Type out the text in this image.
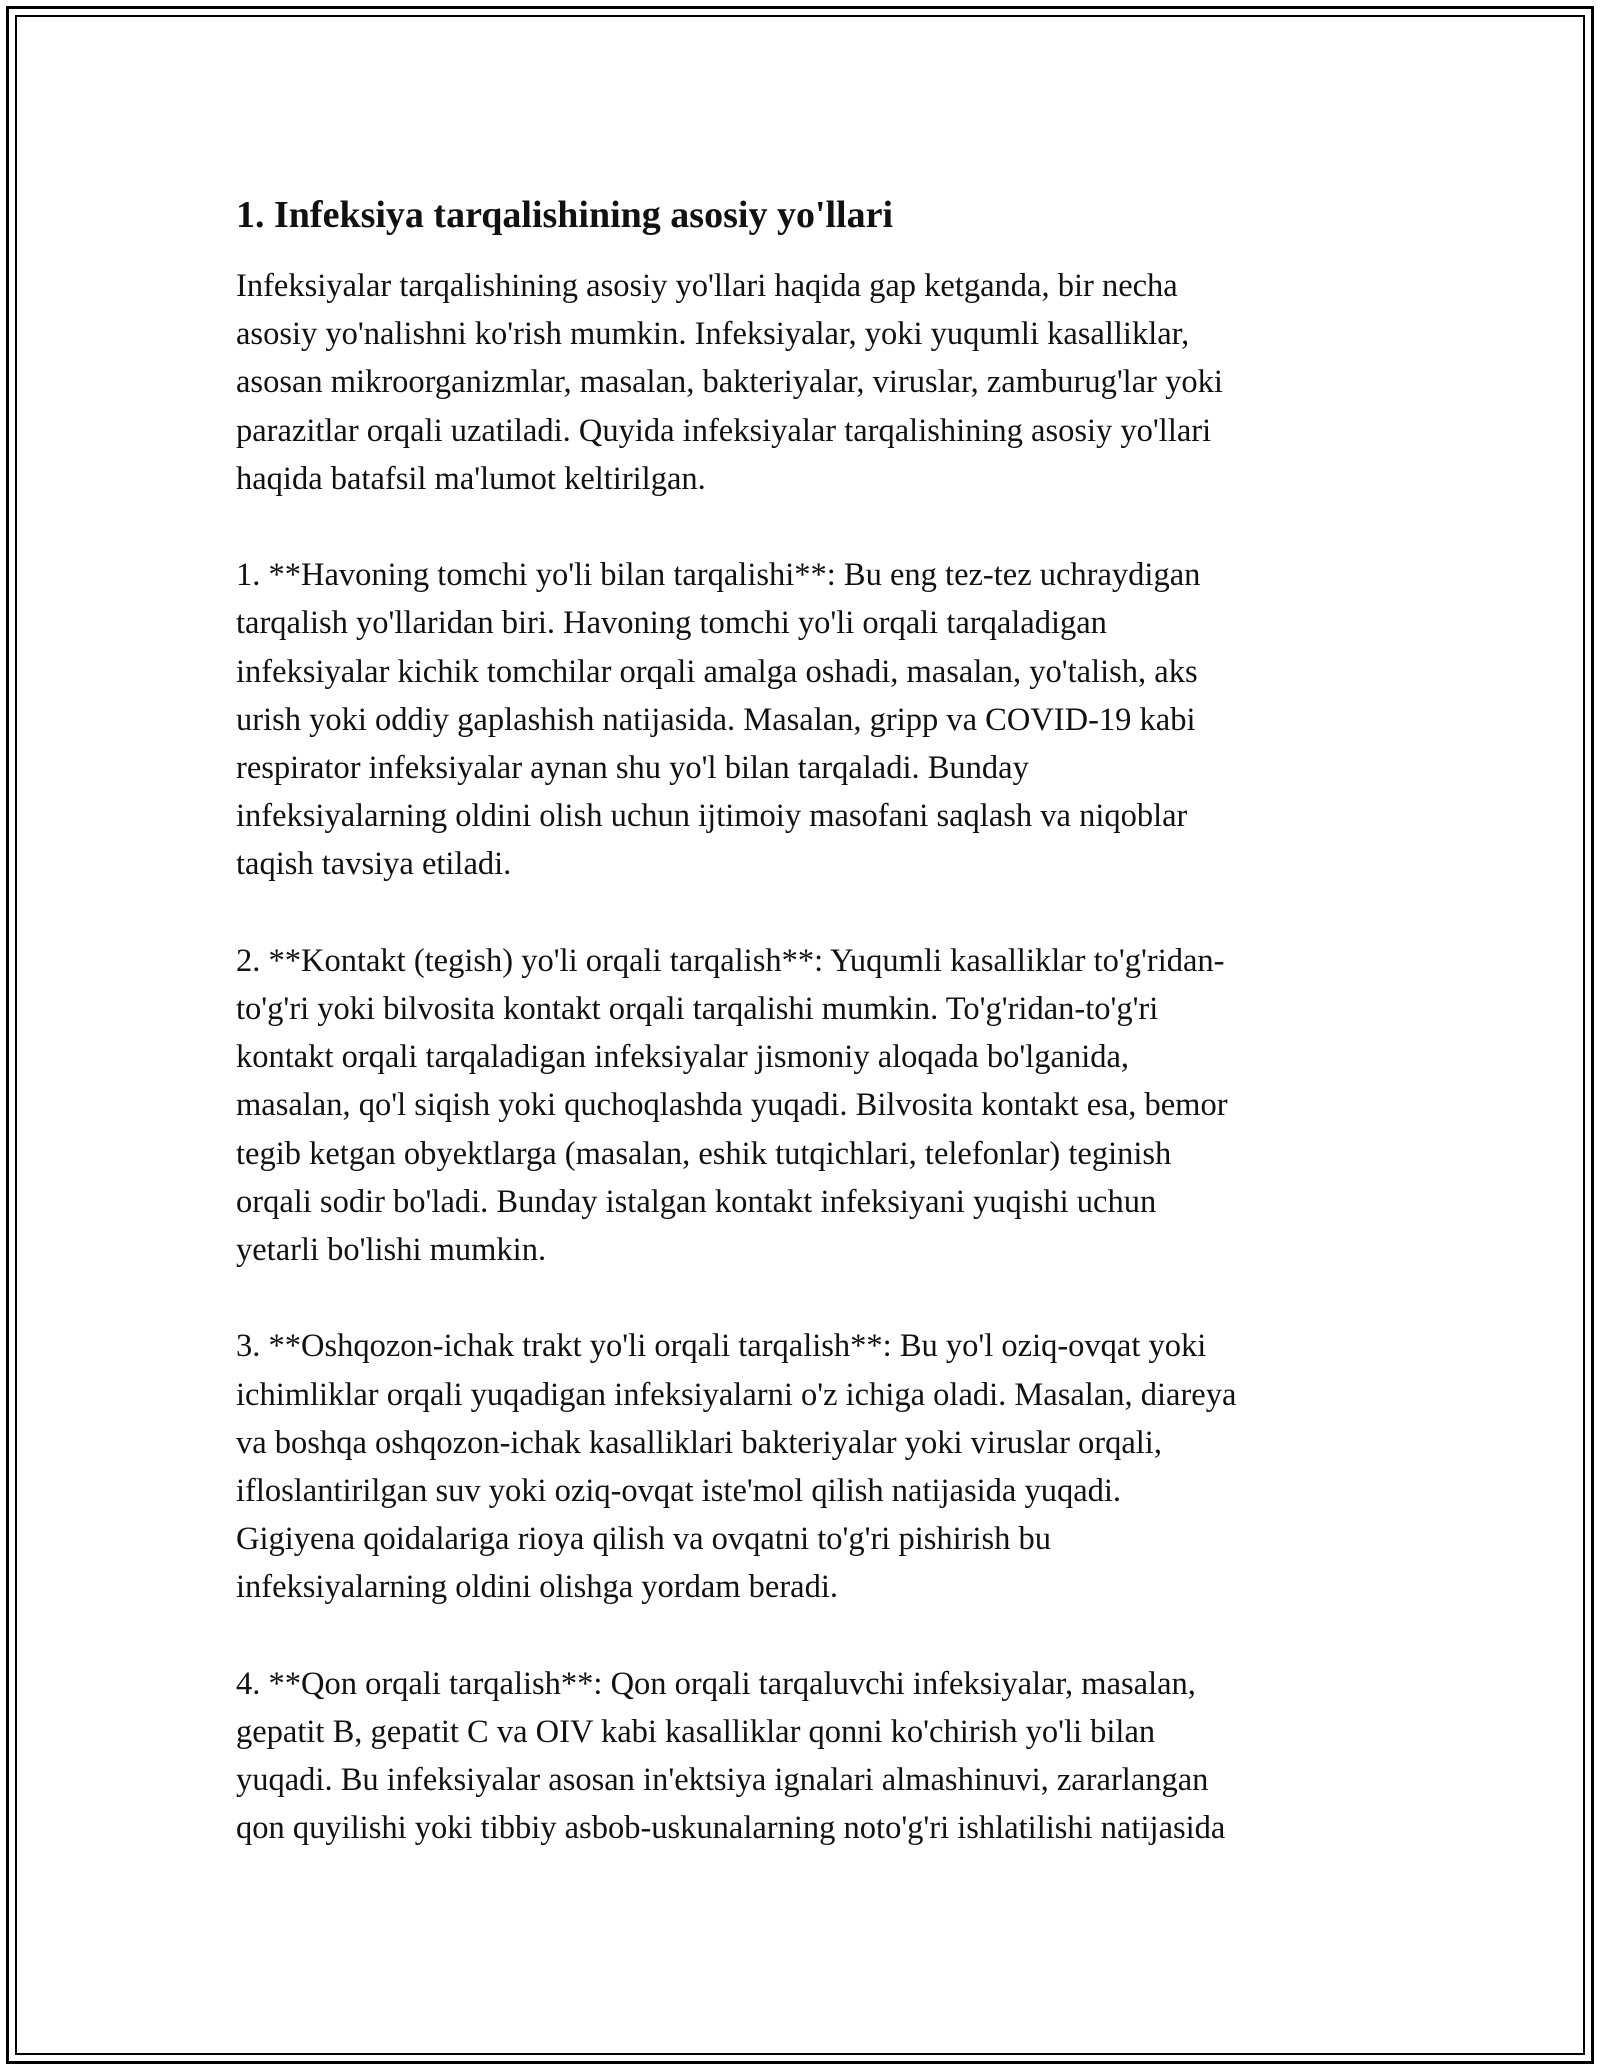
1. Infeksiya tarqalishining asosiy yo'llari

Infeksiyalar tarqalishining asosiy yo'llari haqida gap ketganda, bir necha
asosiy yo'nalishni ko'rish mumkin. Infeksiyalar, yoki yuqumli kasalliklar,
asosan mikroorganizmlar, masalan, bakteriyalar, viruslar, zamburug'lar yoki
parazitlar orqali uzatiladi. Quyida infeksiyalar tarqalishining asosiy yo'llari
haqida batafsil ma'lumot keltirilgan.

1. **Havoning tomchi yo'li bilan tarqalishi**: Bu eng tez-tez uchraydigan
tarqalish yo'llaridan biri. Havoning tomchi yo'li orqali tarqaladigan
infeksiyalar kichik tomchilar orqali amalga oshadi, masalan, yo'talish, aks
urish yoki oddiy gaplashish natijasida. Masalan, gripp va COVID-19 kabi
respirator infeksiyalar aynan shu yo'l bilan tarqaladi. Bunday
infeksiyalarning oldini olish uchun ijtimoiy masofani saqlash va niqoblar
taqish tavsiya etiladi.

2. **Kontakt (tegish) yo'li orqali tarqalish**: Yuqumli kasalliklar to'g'ridan-
to'g'ri yoki bilvosita kontakt orqali tarqalishi mumkin. To'g'ridan-to'g'ri
kontakt orqali tarqaladigan infeksiyalar jismoniy aloqada bo'lganida,
masalan, qo'l siqish yoki quchoqlashda yuqadi. Bilvosita kontakt esa, bemor
tegib ketgan obyektlarga (masalan, eshik tutqichlari, telefonlar) teginish
orqali sodir bo'ladi. Bunday istalgan kontakt infeksiyani yuqishi uchun
yetarli bo'lishi mumkin.

3. **Oshqozon-ichak trakt yo'li orqali tarqalish**: Bu yo'l oziq-ovqat yoki
ichimliklar orqali yuqadigan infeksiyalarni o'z ichiga oladi. Masalan, diareya
va boshqa oshqozon-ichak kasalliklari bakteriyalar yoki viruslar orqali,
ifloslantirilgan suv yoki oziq-ovqat iste'mol qilish natijasida yuqadi.
Gigiyena qoidalariga rioya qilish va ovqatni to'g'ri pishirish bu
infeksiyalarning oldini olishga yordam beradi.

4. **Qon orqali tarqalish**: Qon orqali tarqaluvchi infeksiyalar, masalan,
gepatit B, gepatit C va OIV kabi kasalliklar qonni ko'chirish yo'li bilan
yuqadi. Bu infeksiyalar asosan in'ektsiya ignalari almashinuvi, zararlangan
qon quyilishi yoki tibbiy asbob-uskunalarning noto'g'ri ishlatilishi natijasida
